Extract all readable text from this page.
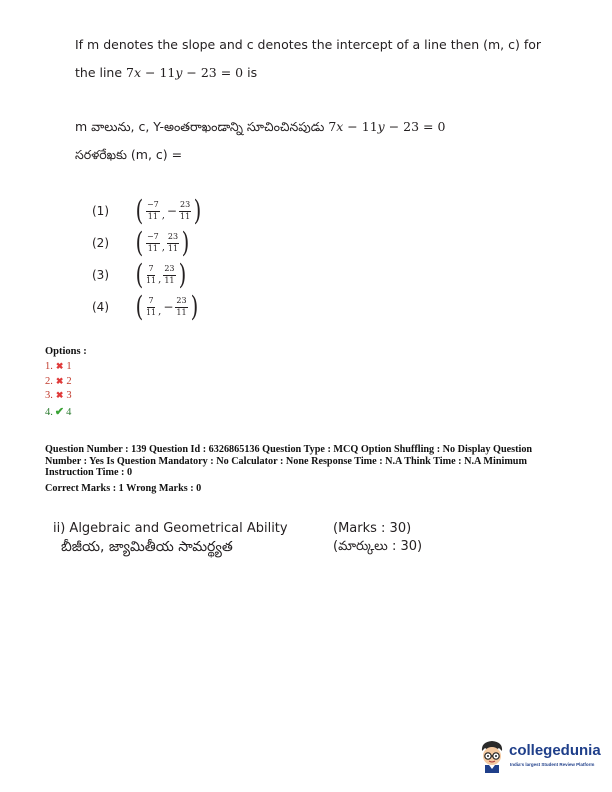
If m denotes the slope and c denotes the intercept of a line then (m, c) for
the line 7x − 11y − 23 = 0 is
m వాలును, c, Y-అంతరాఖండాన్ని సూచించినపుడు 7x − 11y − 23 = 0
సరళరేఖకు (m, c) =
(1) ( $\frac{-7}{11}$ , − $\frac{23}{11}$ )
(2) ( $\frac{-7}{11}$ , $\frac{23}{11}$ )
(3) ( $\frac{7}{11}$ , $\frac{23}{11}$ )
(4) ( $\frac{7}{11}$ , − $\frac{23}{11}$ )
Options :
1. ✖ 1
2. ✖ 2
3. ✖ 3
4. ✔ 4
Question Number : 139 Question Id : 6326865136 Question Type : MCQ Option Shuffling : No Display Question
Number : Yes Is Question Mandatory : No Calculator : None Response Time : N.A Think Time : N.A Minimum
Instruction Time : 0
Correct Marks : 1 Wrong Marks : 0
ii) Algebraic and Geometrical Ability
బీజీయ, జ్యామితీయ సామర్థ్యత
(Marks : 30)
(మార్కులు : 30)
collegedunia
India's largest Student Review Platform
